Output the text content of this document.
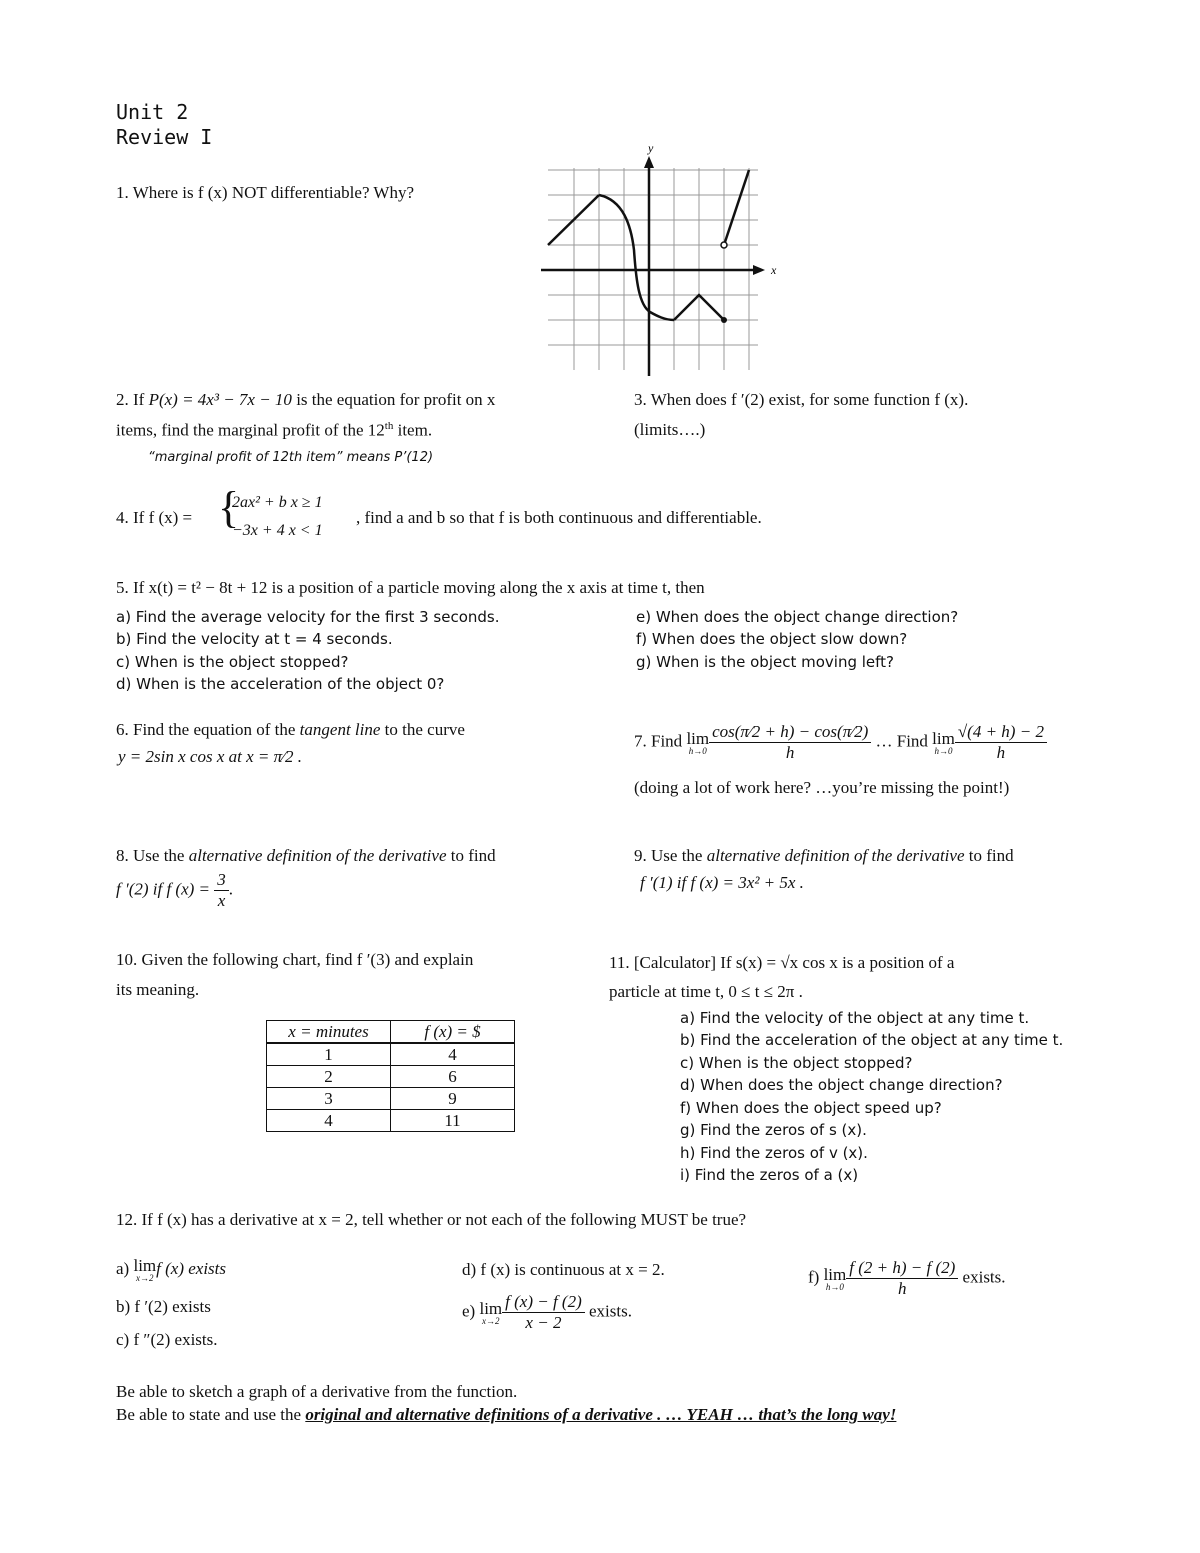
Unit 2
Review I
1. Where is f (x) NOT differentiable? Why?
y
x
2. If P(x) = 4x³ − 7x − 10 is the equation for profit on x
items, find the marginal profit of the 12th item.
“marginal profit of 12th item” means P’(12)
3. When does f ′(2) exist, for some function f (x).
(limits….)
4. If f (x) = {
2ax² + b x ≥ 1
−3x + 4 x < 1
, find a and b so that f is both continuous and differentiable.
5. If x(t) = t² − 8t + 12 is a position of a particle moving along the x axis at time t, then
a) Find the average velocity for the first 3 seconds.
b) Find the velocity at t = 4 seconds.
c) When is the object stopped?
d) When is the acceleration of the object 0?
e) When does the object change direction?
f) When does the object slow down?
g) When is the object moving left?
6. Find the equation of the tangent line to the curve
y = 2sin x cos x at x = π⁄2 .
7. Find lim
$h\to 0 \frac{\cos(\pi⁄2 + h) - \cos(\pi⁄2)}{h}$ … Find lim
$h\to 0 \frac{√(4 + h) - 2}{h}$
(doing a lot of work here? …you’re missing the point!)
8. Use the alternative definition of the derivative to find
f ′(2) if f $(x) = \frac{3}{x}$ .
9. Use the alternative definition of the derivative to find
f ′(1) if f (x) = 3x² + 5x .
10. Given the following chart, find f ′(3) and explain
its meaning.
x = minutes	f (x) = $
1	4
2	6
3	9
4	11
11. [Calculator] If s(x) = √x cos x is a position of a
particle at time t, 0 ≤ t ≤ 2π .
a) Find the velocity of the object at any time t.
b) Find the acceleration of the object at any time t.
c) When is the object stopped?
d) When does the object change direction?
f) When does the object speed up?
g) Find the zeros of s (x).
h) Find the zeros of v (x).
i) Find the zeros of a (x)
12. If f (x) has a derivative at x = 2, tell whether or not each of the following MUST be true?
a) lim
x→2
f (x) exists
b) f ′(2) exists
c) f ″(2) exists.
d) f (x) is continuous at x = 2.
e) lim
$x\to 2 \frac{f (x) - f (2)}{x - 2}$ exists.
f) lim
$h\to 0 \frac{f (2 + h) - f (2)}{h}$ exists.
Be able to sketch a graph of a derivative from the function.
Be able to state and use the original and alternative definitions of a derivative . … YEAH … that’s the long way!
